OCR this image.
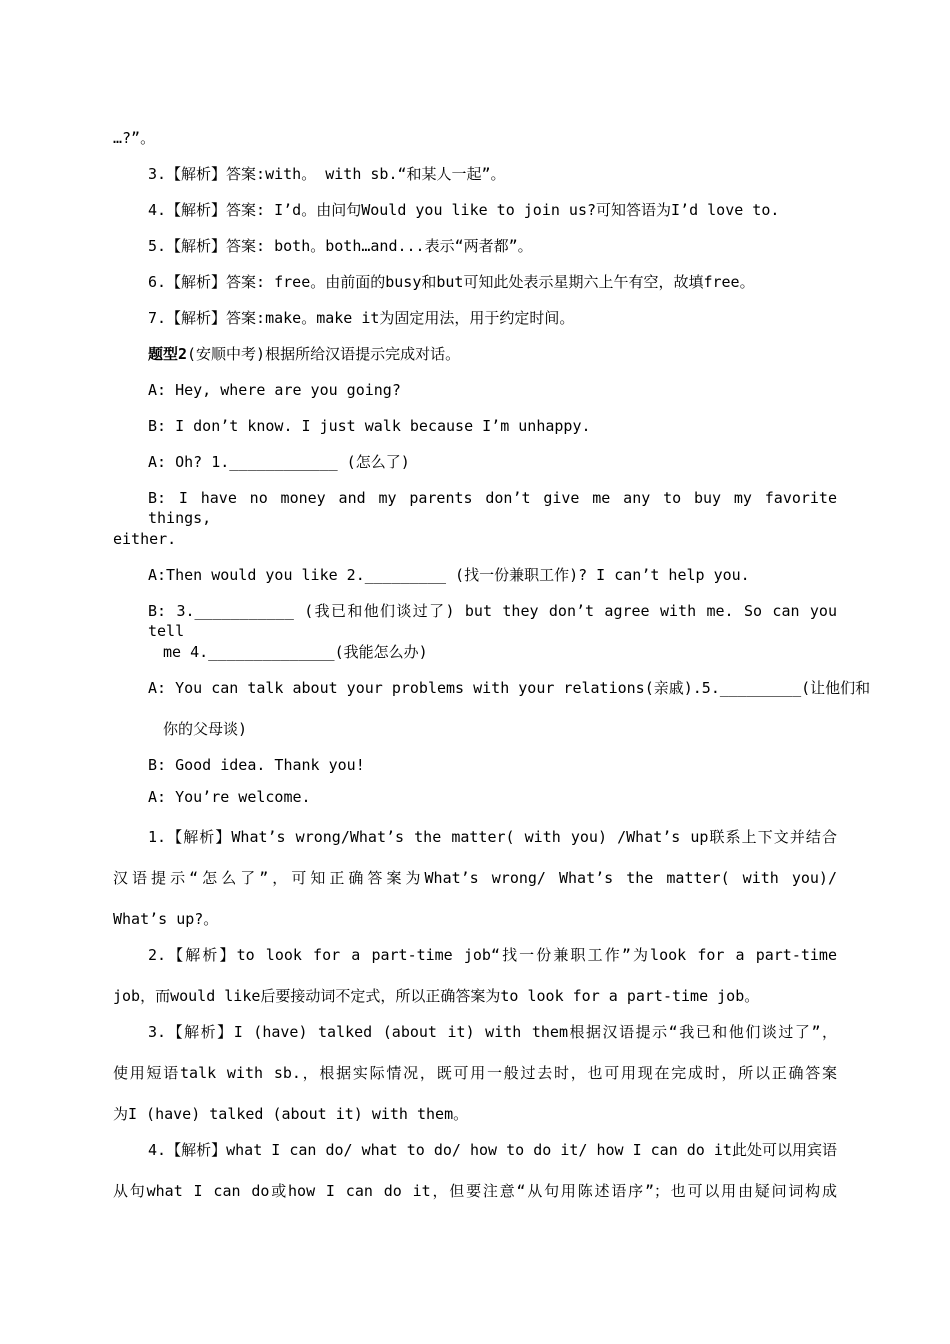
…?”。
3.【解析】答案:with。 with sb.“和某人一起”。
4.【解析】答案: I’d。由问句Would you like to join us?可知答语为I’d love to.
5.【解析】答案: both。both…and...表示“两者都”。
6.【解析】答案: free。由前面的busy和but可知此处表示星期六上午有空，故填free。
7.【解析】答案:make。make it为固定用法，用于约定时间。
题型2(安顺中考)根据所给汉语提示完成对话。
A: Hey, where are you going?
B: I don’t know. I just walk because I’m unhappy.
A: Oh? 1.____________ (怎么了)
B: I have no money and my parents don’t give me any to buy my favorite things,
either.
A:Then would you like 2._________ (找一份兼职工作)? I can’t help you.
B: 3.___________ (我已和他们谈过了) but they don’t agree with me. So can you tell
me 4.______________(我能怎么办)
A: You can talk about your problems with your relations(亲戚).5._________(让他们和
你的父母谈)
B: Good idea. Thank you!
A: You’re welcome.
1.【解析】What’s wrong/What’s the matter( with you) /What’s up联系上下文并结合
汉语提示“怎么了”，可知正确答案为What’s wrong/ What’s the matter( with you)/
What’s up?。
2.【解析】to look for a part-time job“找一份兼职工作”为look for a part-time
job，而would like后要接动词不定式，所以正确答案为to look for a part-time job。
3.【解析】I (have) talked (about it) with them根据汉语提示“我已和他们谈过了”，
使用短语talk with sb.，根据实际情况，既可用一般过去时，也可用现在完成时，所以正确答案
为I (have) talked (about it) with them。
4.【解析】what I can do/ what to do/ how to do it/ how I can do it此处可以用宾语
从句what I can do或how I can do it，但要注意“从句用陈述语序”；也可以用由疑问词构成
